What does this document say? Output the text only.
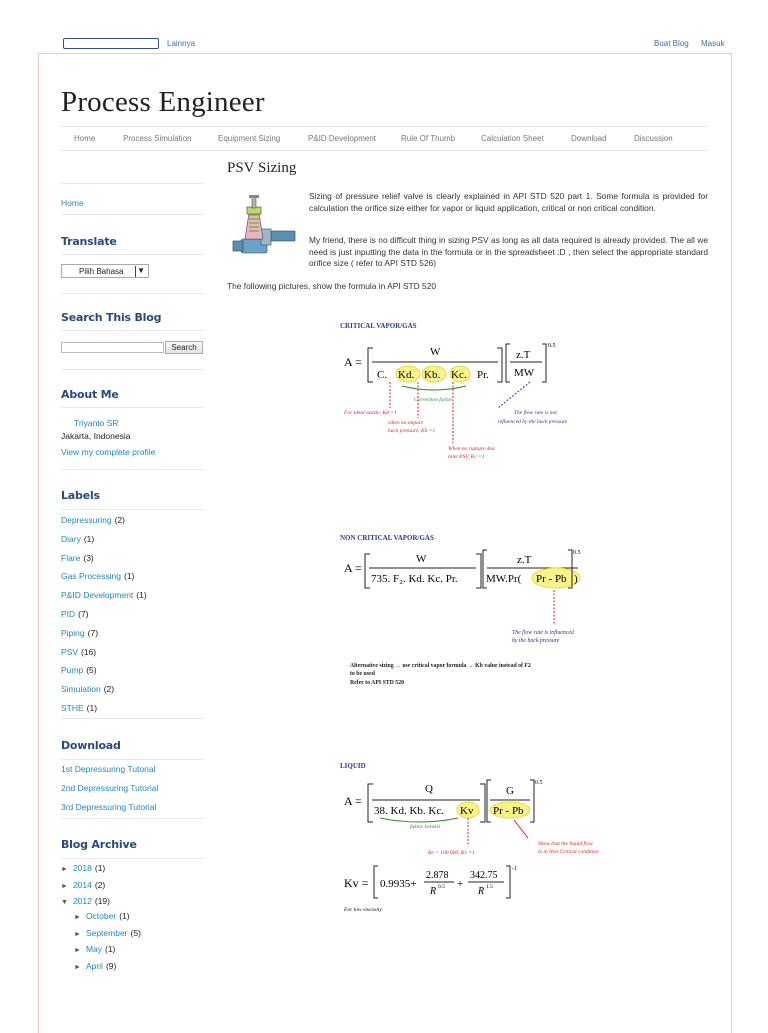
Lainnya	Buat Blog Masuk
Process Engineer
Home	Process Simulation	Equipment Sizing	P&ID Development	Rule Of Thumb	Calculation Sheet	Download	Discussion
Home
Translate
Pilih Bahasa ▼
Search This Blog
Search
About Me
Triyanto SR
Jakarta, Indonesia
View my complete profile
Labels
Depressuring (2)
Diary (1)
Flare (3)
Gas Processing (1)
P&ID Development (1)
PID (7)
Piping (7)
PSV (16)
Pump (5)
Simulation (2)
STHE (1)
Download
1st Depressuring Tutorial
2nd Depressuring Tutorial
3rd Depressuring Tutorial
Blog Archive
► 2018 (1)
► 2014 (2)
▼ 2012 (19)
► October (1)
► September (5)
► May (1)
► April (9)
PSV Sizing
Sizing of pressure relief valve is clearly explained in API STD 520 part 1. Some formula is provided for calculation the orifice size either for vapor or liquid application, critical or non critical condition.
My friend, there is no difficult thing in sizing PSV as long as all data required is already provided. The all we need is just inputting the data in the formula or in the spreadsheet :D , then select the appropriate standard orifice size ( refer to API STD 526)
The following pictures, show the formula in API STD 520
CRITICAL VAPOR/GAS
A =
W
C. Kd. Kb. Kc. Pr.
z.T
MW
0.5
Correction factor
For ideal nozzle, Kd =1
when no impact
back pressure, Kb =1
When no rupture disc
inlet PSV, Kc =1
The flow rate is not
influenced by the back pressure
NON CRITICAL VAPOR/GAS
A =
W
735. F₂. Kd. Kc. Pr.
z.T
MW.Pr( Pr - Pb )
0.5
The flow rate is influenced
by the back pressure
Alternative sizing → use critical vapor formula → Kb value instead of F2
to be used
Refer to API STD 520
LIQUID
A =
Q
38. Kd. Kb. Kc. Kv
G
Pr - Pb
0.5
faktor koreksi
Re > 100.000, Kv =1
Show that the liquid flow
Is in Non Critical condition
Kv = 0.9935+
2.878
R 0.5 +
342.75
R 1.5
-1
For low viscosity
